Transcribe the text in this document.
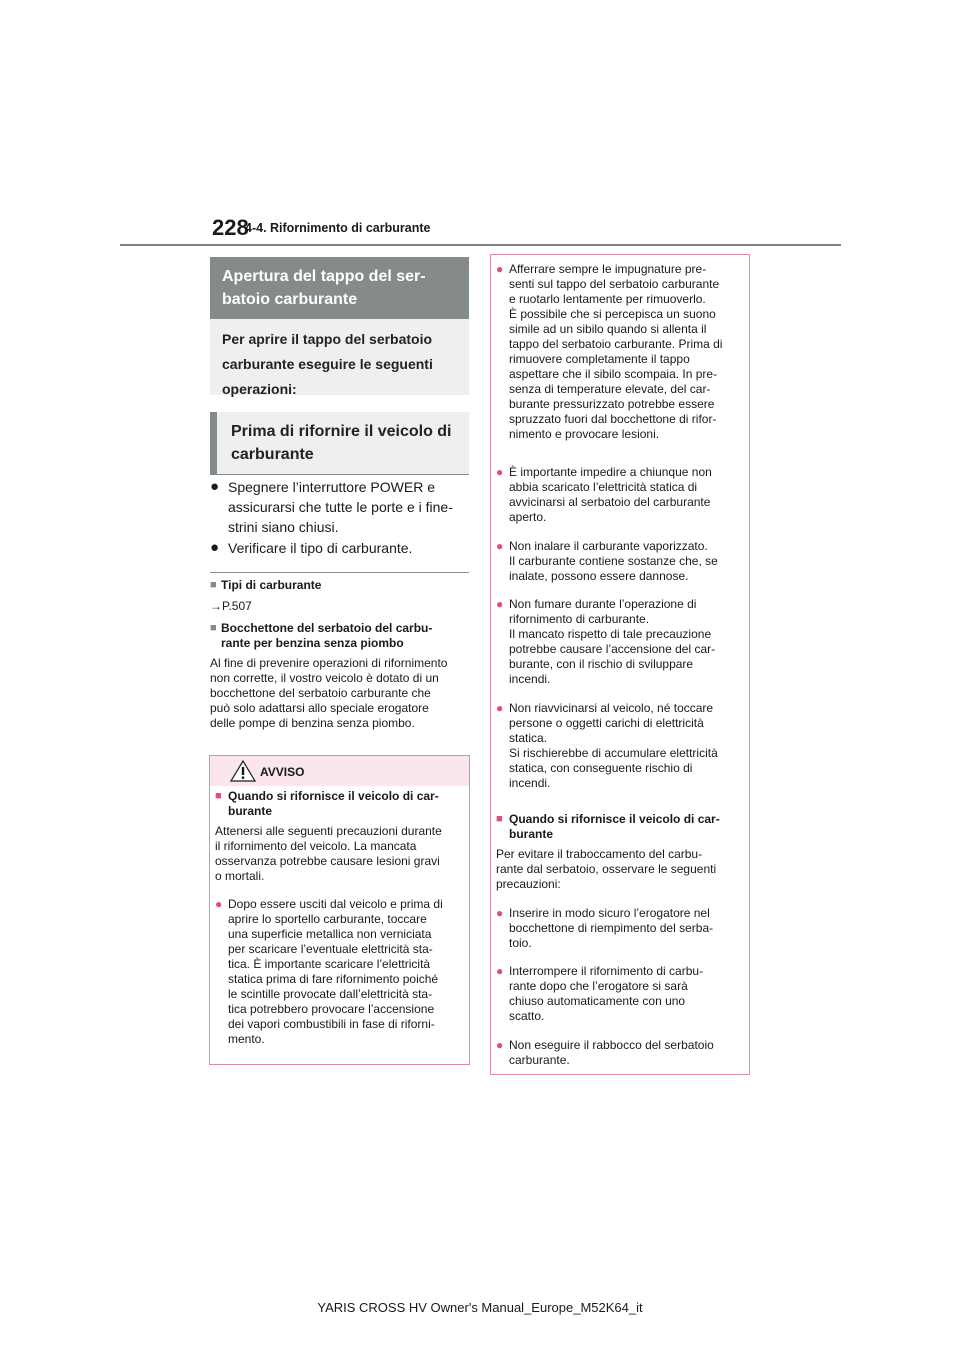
228
4-4. Rifornimento di carburante
Apertura del tappo del ser-
batoio carburante
Per aprire il tappo del serbatoio
carburante eseguire le seguenti
operazioni:
Prima di rifornire il veicolo di
carburante
● Spegnere l’interruttore POWER e
assicurarsi che tutte le porte e i fine-
strini siano chiusi.
● Verificare il tipo di carburante.
■ Tipi di carburante
→P.507
■ Bocchettone del serbatoio del carbu-
rante per benzina senza piombo
Al fine di prevenire operazioni di rifornimento
non corrette, il vostro veicolo è dotato di un
bocchettone del serbatoio carburante che
può solo adattarsi allo speciale erogatore
delle pompe di benzina senza piombo.
AVVISO
■ Quando si rifornisce il veicolo di car-
burante
Attenersi alle seguenti precauzioni durante
il rifornimento del veicolo. La mancata
osservanza potrebbe causare lesioni gravi
o mortali.
● Dopo essere usciti dal veicolo e prima di
aprire lo sportello carburante, toccare
una superficie metallica non verniciata
per scaricare l’eventuale elettricità sta-
tica. È importante scaricare l’elettricità
statica prima di fare rifornimento poiché
le scintille provocate dall’elettricità sta-
tica potrebbero provocare l’accensione
dei vapori combustibili in fase di riforni-
mento.
● Afferrare sempre le impugnature pre-
senti sul tappo del serbatoio carburante
e ruotarlo lentamente per rimuoverlo.
È possibile che si percepisca un suono
simile ad un sibilo quando si allenta il
tappo del serbatoio carburante. Prima di
rimuovere completamente il tappo
aspettare che il sibilo scompaia. In pre-
senza di temperature elevate, del car-
burante pressurizzato potrebbe essere
spruzzato fuori dal bocchettone di rifor-
nimento e provocare lesioni.
● È importante impedire a chiunque non
abbia scaricato l’elettricità statica di
avvicinarsi al serbatoio del carburante
aperto.
● Non inalare il carburante vaporizzato.
Il carburante contiene sostanze che, se
inalate, possono essere dannose.
● Non fumare durante l’operazione di
rifornimento di carburante.
Il mancato rispetto di tale precauzione
potrebbe causare l’accensione del car-
burante, con il rischio di sviluppare
incendi.
● Non riavvicinarsi al veicolo, né toccare
persone o oggetti carichi di elettricità
statica.
Si rischierebbe di accumulare elettricità
statica, con conseguente rischio di
incendi.
■ Quando si rifornisce il veicolo di car-
burante
Per evitare il traboccamento del carbu-
rante dal serbatoio, osservare le seguenti
precauzioni:
● Inserire in modo sicuro l’erogatore nel
bocchettone di riempimento del serba-
toio.
● Interrompere il rifornimento di carbu-
rante dopo che l’erogatore si sarà
chiuso automaticamente con uno
scatto.
● Non eseguire il rabbocco del serbatoio
carburante.
YARIS CROSS HV Owner's Manual_Europe_M52K64_it
